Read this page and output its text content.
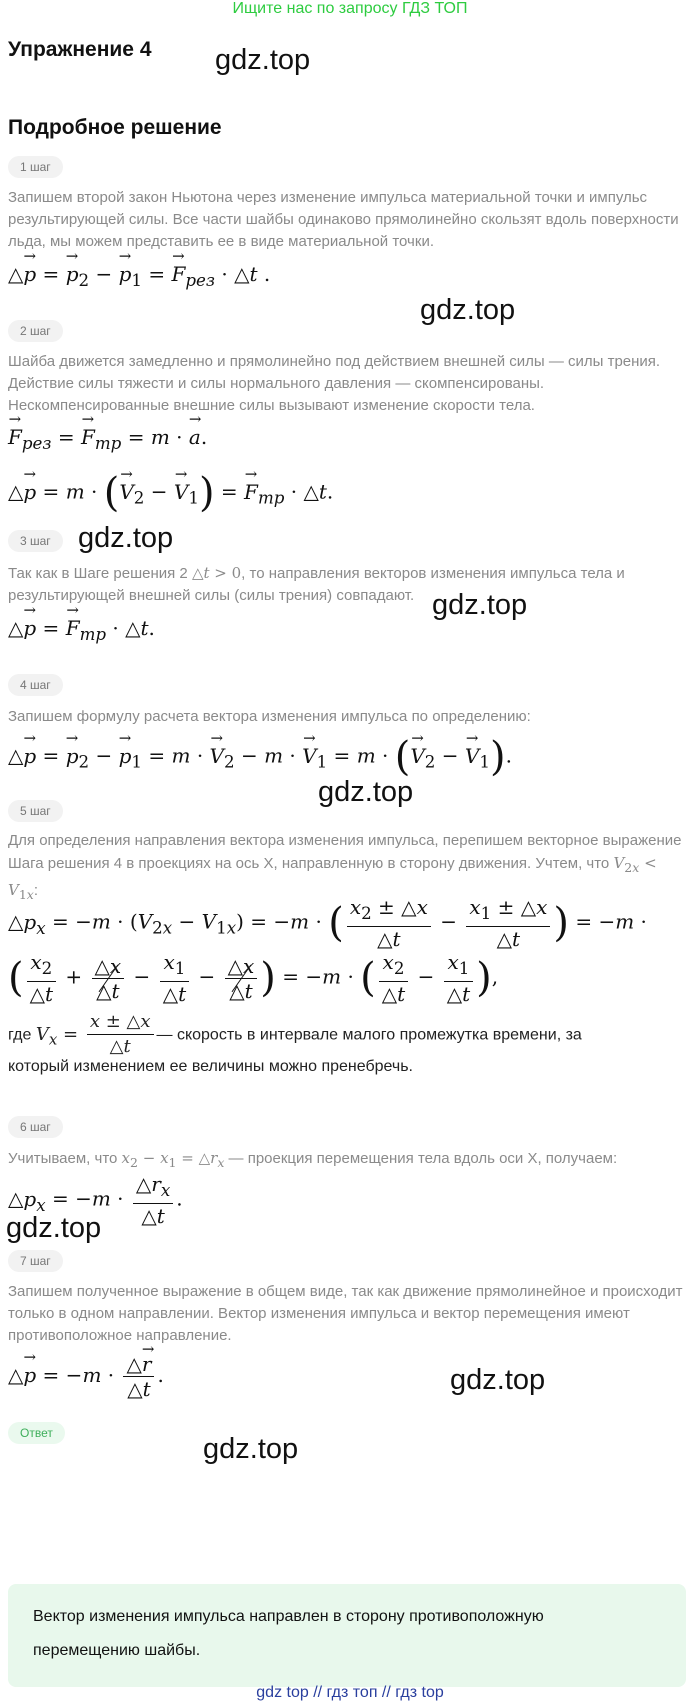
Ищите нас по запросу ГДЗ ТОП
Упражнение 4
Подробное решение
gdz.top
gdz.top
gdz.top
gdz.top
gdz.top
gdz.top
gdz.top
gdz.top
1 шаг

Запишем второй закон Ньютона через изменение импульса материальной точки и импульс результирующей силы. Все части шайбы одинаково прямолинейно скользят вдоль поверхности льда, мы можем представить ее в виде материальной точки.

△→ p = → $p_2$ − → $p_1$ = → $F_{рез}$ · △t .
2 шаг

Шайба движется замедленно и прямолинейно под действием внешней силы — силы трения. Действие силы тяжести и силы нормального давления — скомпенсированы. Нескомпенсированные внешние силы вызывают изменение скорости тела.

→ $F_{рез}$ = → $F_{тр} = m$ · → a.
△→ p = m · (→ $V_2$ − → $V_1$) = → $F_{тр}$ · △t.
3 шаг

Так как в Шаге решения 2 △t > 0, то направления векторов изменения импульса тела и результирующей внешней силы (силы трения) совпадают.

△→ p = → $F_{тр}$ · △t.
4 шаг

Запишем формулу расчета вектора изменения импульса по определению:

△→ p = → $p_2$ − → $p_1 = m$ · → $V_2 - m$ · → $V_1 = m$ · (→ $V_2$ − → $V_1$).
5 шаг

Для определения направления вектора изменения импульса, перепишем векторное выражение Шага решения 4 в проекциях на ось X, направленную в сторону движения. Учтем, что $V_{2x} < V_{1x}$:

$\triangle p_x = -m \cdot (V_{2x} - V_{1x}) = -m$ · ( $\frac{x_2 \pm \triangle x}{\triangle t} - \frac{x_1 \pm \triangle x}{\triangle t}$ ) = −m ·
( $\frac{x_2}{\triangle t} + \frac{\triangle x}{\triangle t} - \frac{x_1}{\triangle t} - \frac{\triangle x}{\triangle t}$ ) = −m · ( $\frac{x_2}{\triangle t} - \frac{x_1}{\triangle t}$ ),
где $V_x = \frac{x \pm \triangle x}{\triangle t}$ — скорость в интервале малого промежутка времени, за
который изменением ее величины можно пренебречь.
6 шаг

Учитываем, что $x_2 - x_1$ = $\triangle r_x$ — проекция перемещения тела вдоль оси X, получаем:

$\triangle p_x = -m \cdot \frac{\triangle r_x}{\triangle t}$ .
7 шаг

Запишем полученное выражение в общем виде, так как движение прямолинейное и происходит только в одном направлении. Вектор изменения импульса и вектор перемещения имеют противоположное направление.

△→ $p = -m \cdot \frac{\triangle\to r}{\triangle t}$ .
Ответ
Вектор изменения импульса направлен в сторону противоположную перемещению шайбы.
gdz top // гдз топ // гдз top
